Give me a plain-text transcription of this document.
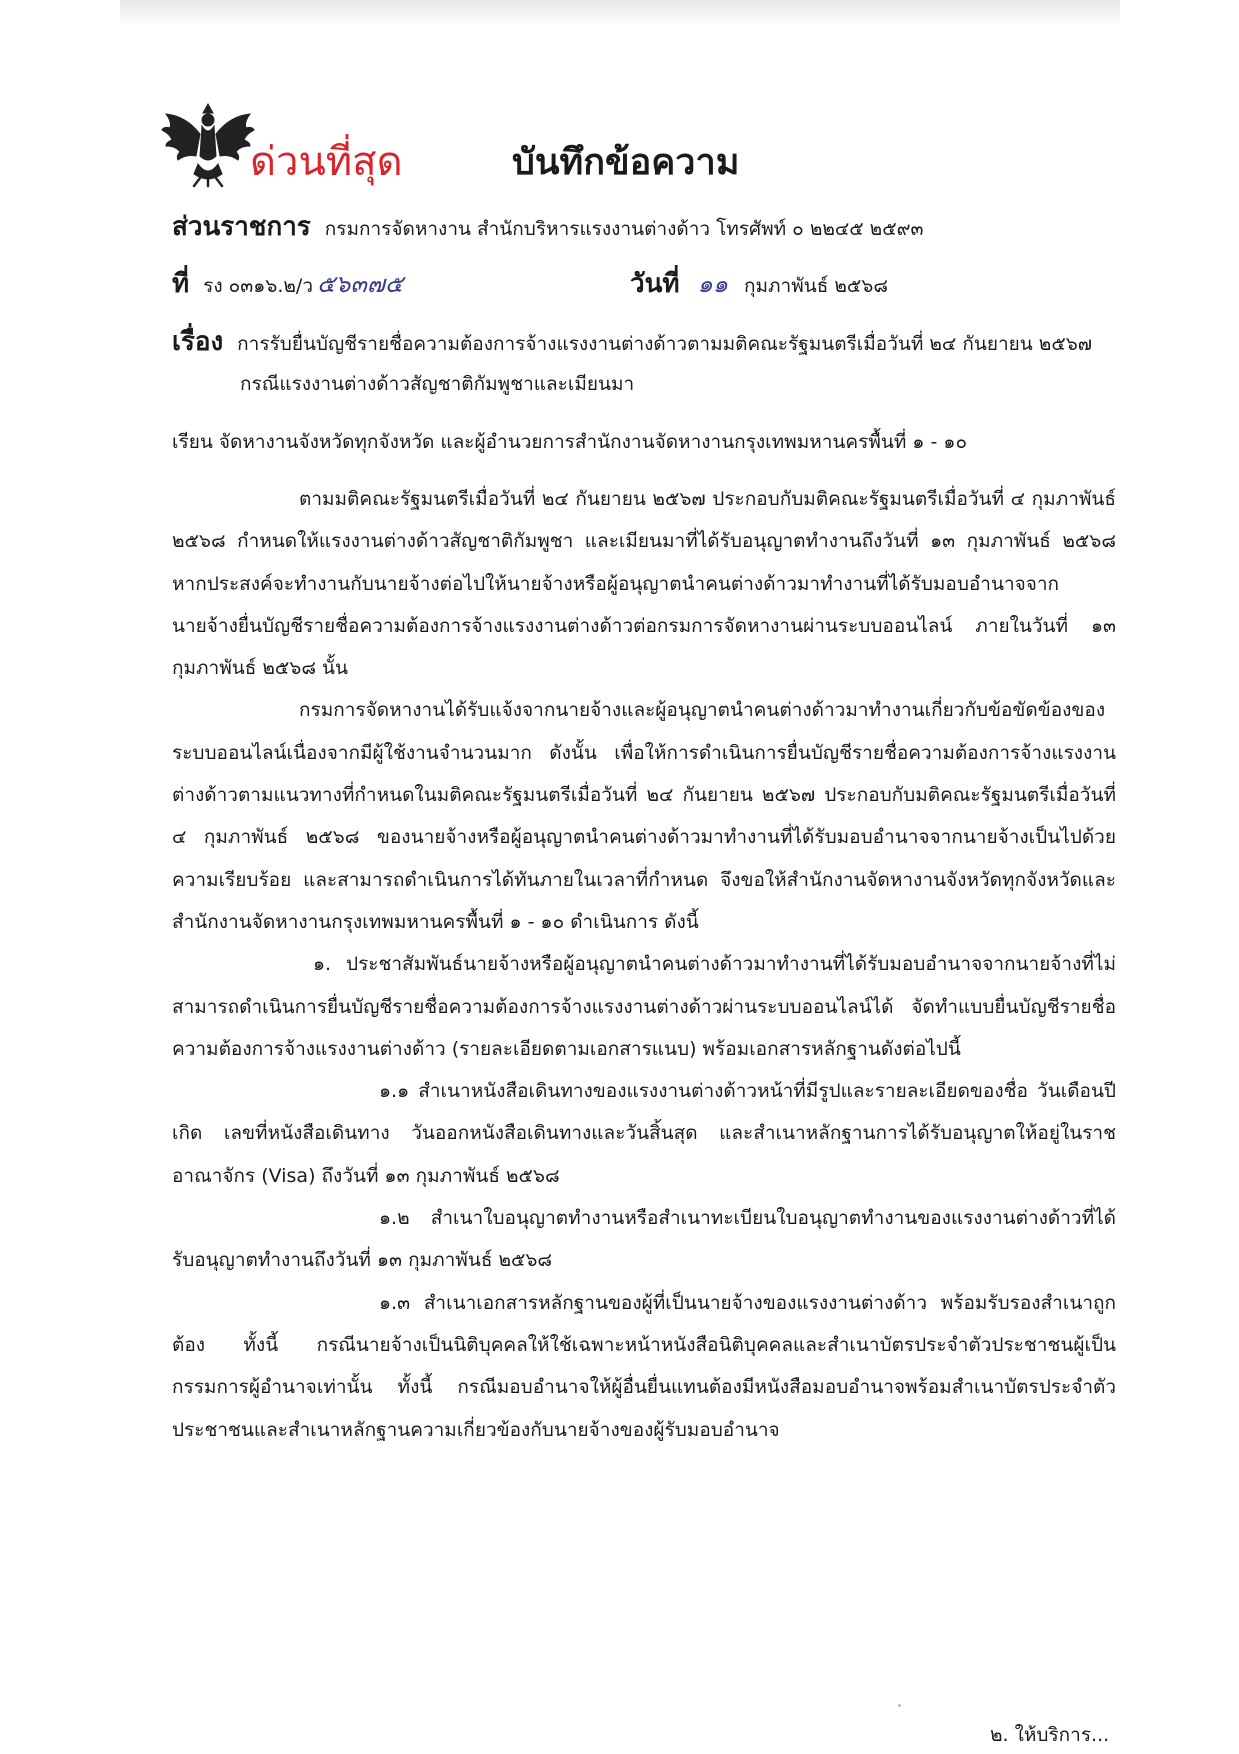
ด่วนที่สุด	บันทึกข้อความ
ส่วนราชการ กรมการจัดหางาน สำนักบริหารแรงงานต่างด้าว โทรศัพท์ ๐ ๒๒๔๕ ๒๕๙๓
ที่ รง ๐๓๑๖.๒/ว ๕๖๓๗๕	วันที่ ๑๑ กุมภาพันธ์ ๒๕๖๘
เรื่อง การรับยื่นบัญชีรายชื่อความต้องการจ้างแรงงานต่างด้าวตามมติคณะรัฐมนตรีเมื่อวันที่ ๒๔ กันยายน ๒๕๖๗
กรณีแรงงานต่างด้าวสัญชาติกัมพูชาและเมียนมา
เรียน จัดหางานจังหวัดทุกจังหวัด และผู้อำนวยการสำนักงานจัดหางานกรุงเทพมหานครพื้นที่ ๑ - ๑๐

ตามมติคณะรัฐมนตรีเมื่อวันที่ ๒๔ กันยายน ๒๕๖๗ ประกอบกับมติคณะรัฐมนตรีเมื่อวันที่ ๔ กุมภาพันธ์ ๒๕๖๘ กำหนดให้แรงงานต่างด้าวสัญชาติกัมพูชา และเมียนมาที่ได้รับอนุญาตทำงานถึงวันที่ ๑๓ กุมภาพันธ์ ๒๕๖๘ หากประสงค์จะทำงานกับนายจ้างต่อไปให้นายจ้างหรือผู้อนุญาตนำคนต่างด้าวมาทำงานที่ได้รับมอบอำนาจจากนายจ้างยื่นบัญชีรายชื่อความต้องการจ้างแรงงานต่างด้าวต่อกรมการจัดหางานผ่านระบบออนไลน์ ภายในวันที่ ๑๓ กุมภาพันธ์ ๒๕๖๘ นั้น

กรมการจัดหางานได้รับแจ้งจากนายจ้างและผู้อนุญาตนำคนต่างด้าวมาทำงานเกี่ยวกับข้อขัดข้องของระบบออนไลน์เนื่องจากมีผู้ใช้งานจำนวนมาก ดังนั้น เพื่อให้การดำเนินการยื่นบัญชีรายชื่อความต้องการจ้างแรงงานต่างด้าวตามแนวทางที่กำหนดในมติคณะรัฐมนตรีเมื่อวันที่ ๒๔ กันยายน ๒๕๖๗ ประกอบกับมติคณะรัฐมนตรีเมื่อวันที่ ๔ กุมภาพันธ์ ๒๕๖๘ ของนายจ้างหรือผู้อนุญาตนำคนต่างด้าวมาทำงานที่ได้รับมอบอำนาจจากนายจ้างเป็นไปด้วยความเรียบร้อย และสามารถดำเนินการได้ทันภายในเวลาที่กำหนด จึงขอให้สำนักงานจัดหางานจังหวัดทุกจังหวัดและสำนักงานจัดหางานกรุงเทพมหานครพื้นที่ ๑ - ๑๐ ดำเนินการ ดังนี้

๑. ประชาสัมพันธ์นายจ้างหรือผู้อนุญาตนำคนต่างด้าวมาทำงานที่ได้รับมอบอำนาจจากนายจ้างที่ไม่สามารถดำเนินการยื่นบัญชีรายชื่อความต้องการจ้างแรงงานต่างด้าวผ่านระบบออนไลน์ได้ จัดทำแบบยื่นบัญชีรายชื่อความต้องการจ้างแรงงานต่างด้าว (รายละเอียดตามเอกสารแนบ) พร้อมเอกสารหลักฐานดังต่อไปนี้

๑.๑ สำเนาหนังสือเดินทางของแรงงานต่างด้าวหน้าที่มีรูปและรายละเอียดของชื่อ วันเดือนปีเกิด เลขที่หนังสือเดินทาง วันออกหนังสือเดินทางและวันสิ้นสุด และสำเนาหลักฐานการได้รับอนุญาตให้อยู่ในราชอาณาจักร (Visa) ถึงวันที่ ๑๓ กุมภาพันธ์ ๒๕๖๘

๑.๒ สำเนาใบอนุญาตทำงานหรือสำเนาทะเบียนใบอนุญาตทำงานของแรงงานต่างด้าวที่ได้รับอนุญาตทำงานถึงวันที่ ๑๓ กุมภาพันธ์ ๒๕๖๘

๑.๓ สำเนาเอกสารหลักฐานของผู้ที่เป็นนายจ้างของแรงงานต่างด้าว พร้อมรับรองสำเนาถูกต้อง ทั้งนี้ กรณีนายจ้างเป็นนิติบุคคลให้ใช้เฉพาะหน้าหนังสือนิติบุคคลและสำเนาบัตรประจำตัวประชาชนผู้เป็นกรรมการผู้อำนาจเท่านั้น ทั้งนี้ กรณีมอบอำนาจให้ผู้อื่นยื่นแทนต้องมีหนังสือมอบอำนาจพร้อมสำเนาบัตรประจำตัวประชาชนและสำเนาหลักฐานความเกี่ยวข้องกับนายจ้างของผู้รับมอบอำนาจ

๒. ให้บริการ...
